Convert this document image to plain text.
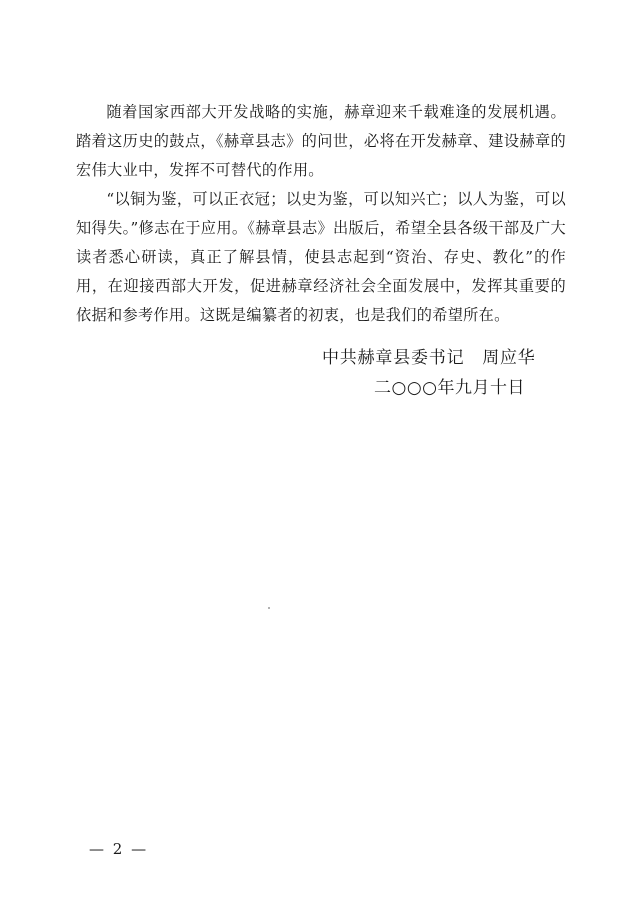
随着国家西部大开发战略的实施，赫章迎来千载难逢的发展机遇。踏着这历史的鼓点，《赫章县志》的问世，必将在开发赫章、建设赫章的宏伟大业中，发挥不可替代的作用。

“以铜为鉴，可以正衣冠；以史为鉴，可以知兴亡；以人为鉴，可以知得失。”修志在于应用。《赫章县志》出版后，希望全县各级干部及广大读者悉心研读，真正了解县情，使县志起到“资治、存史、教化”的作用，在迎接西部大开发，促进赫章经济社会全面发展中，发挥其重要的依据和参考作用。这既是编纂者的初衷，也是我们的希望所在。

中共赫章县委书记　周应华
二○○○年九月十日
— 2 —
